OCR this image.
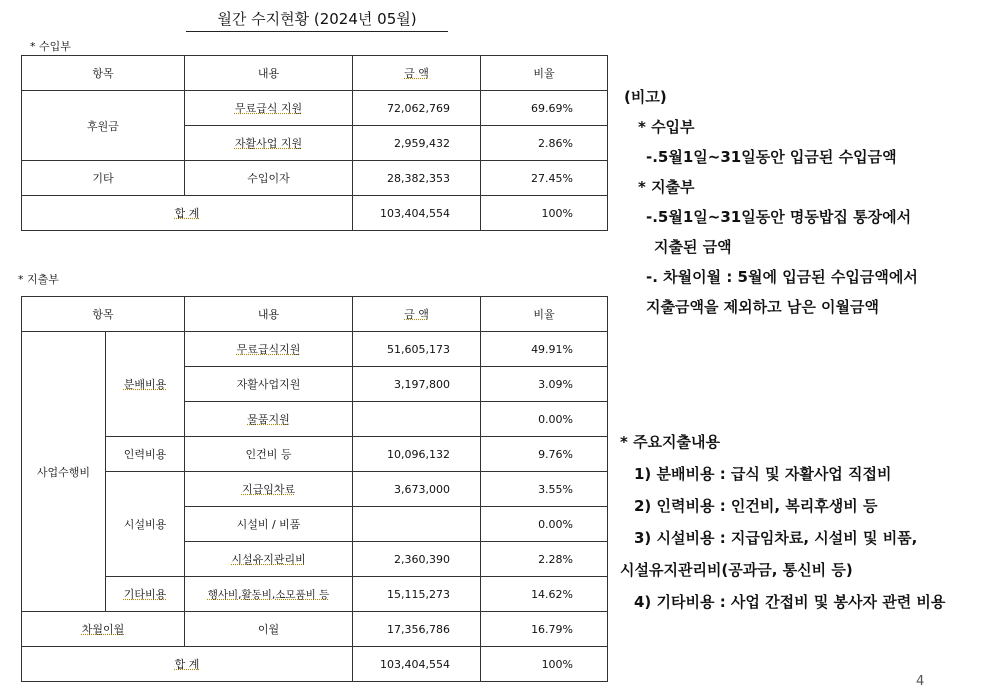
월간 수지현황 (2024년 05월)
* 수입부
항목	내용	금 액	비율
후원금	무료급식 지원	72,062,769	69.69%
	자활사업 지원	2,959,432	2.86%
기타	수입이자	28,382,353	27.45%
합 계		103,404,554	100%
* 지출부
항목		내용	금 액	비율
사업수행비	분배비용	무료급식지원	51,605,173	49.91%
		자활사업지원	3,197,800	3.09%
		물품지원		0.00%
	인력비용	인건비 등	10,096,132	9.76%
	시설비용	지급임차료	3,673,000	3.55%
		시설비 / 비품		0.00%
		시설유지관리비	2,360,390	2.28%
	기타비용	행사비,활동비,소모품비 등	15,115,273	14.62%
차월이월		이월	17,356,786	16.79%
합 계			103,404,554	100%
(비고)
* 수입부
-.5월1일~31일동안 입금된 수입금액
* 지출부
-.5월1일~31일동안 명동밥집 통장에서
지출된 금액
-. 차월이월 : 5월에 입금된 수입금액에서
지출금액을 제외하고 남은 이월금액
* 주요지출내용
1) 분배비용 : 급식 및 자활사업 직접비
2) 인력비용 : 인건비, 복리후생비 등
3) 시설비용 : 지급임차료, 시설비 및 비품,
시설유지관리비(공과금, 통신비 등)
4) 기타비용 : 사업 간접비 및 봉사자 관련 비용
4
